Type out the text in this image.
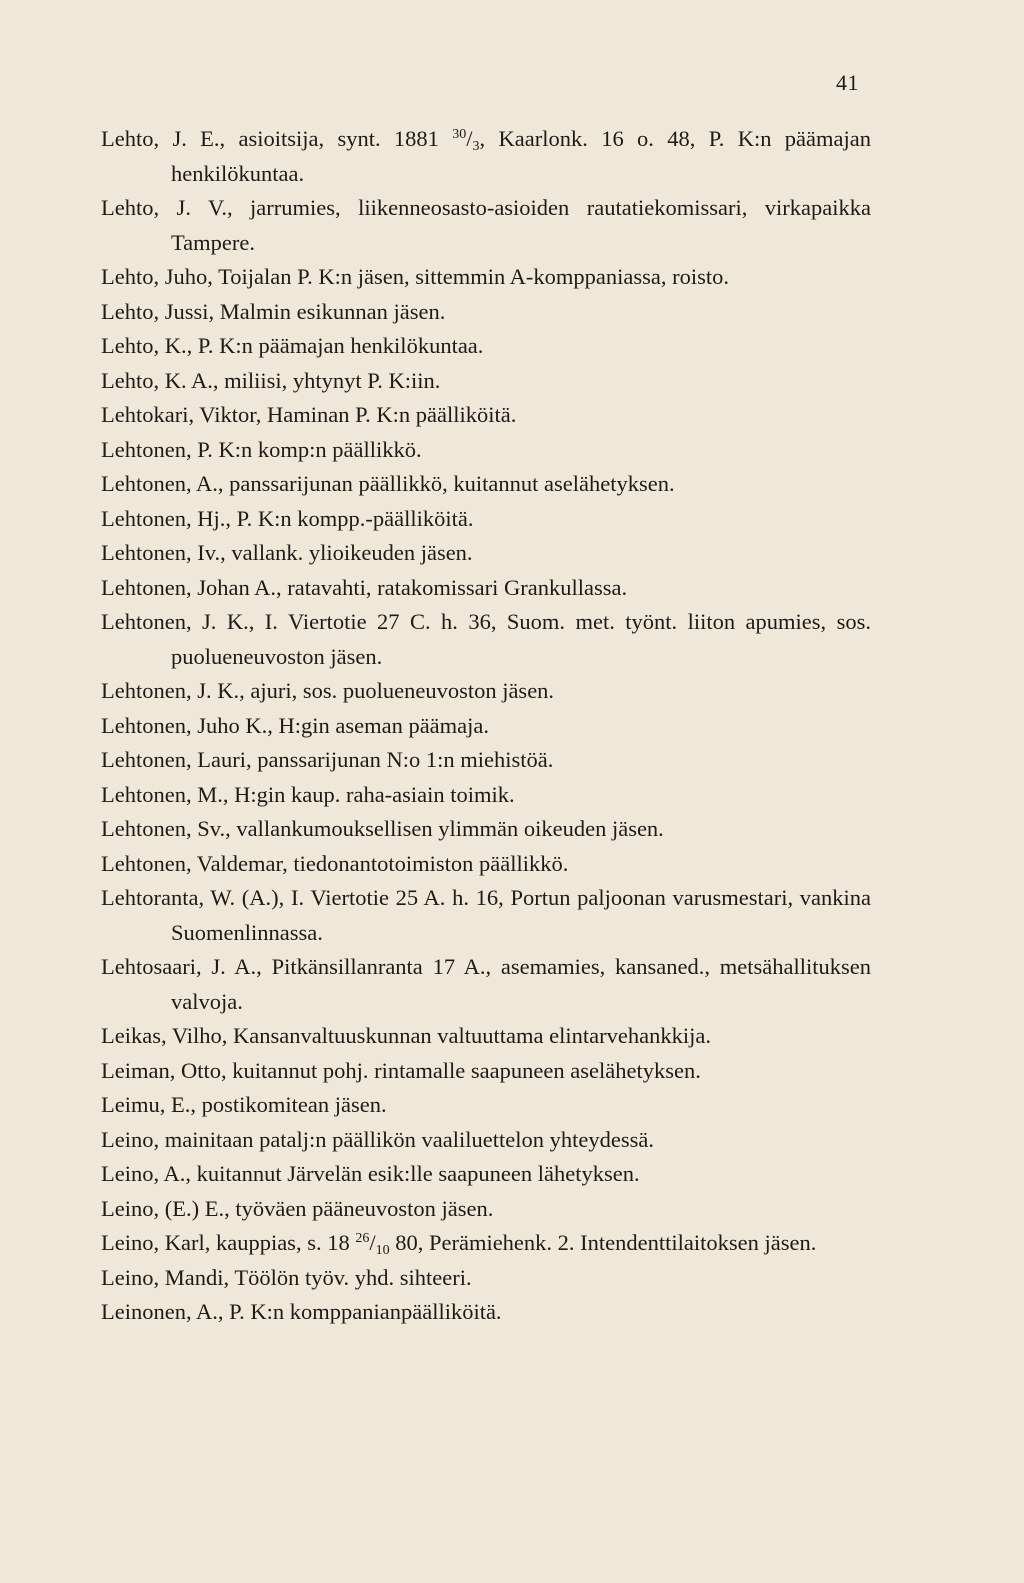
41
Lehto, J. E., asioitsija, synt. 1881 $^{30}/_3$, Kaarlonk. 16 o. 48, P. K:n päämajan henkilökuntaa.
Lehto, J. V., jarrumies, liikenneosasto-asioiden rautatiekomissari, virkapaikka Tampere.
Lehto, Juho, Toijalan P. K:n jäsen, sittemmin A-komppaniassa, roisto.
Lehto, Jussi, Malmin esikunnan jäsen.
Lehto, K., P. K:n päämajan henkilökuntaa.
Lehto, K. A., miliisi, yhtynyt P. K:iin.
Lehtokari, Viktor, Haminan P. K:n päälliköitä.
Lehtonen, P. K:n komp:n päällikkö.
Lehtonen, A., panssarijunan päällikkö, kuitannut aselähetyksen.
Lehtonen, Hj., P. K:n kompp.-päälliköitä.
Lehtonen, Iv., vallank. ylioikeuden jäsen.
Lehtonen, Johan A., ratavahti, ratakomissari Grankullassa.
Lehtonen, J. K., I. Viertotie 27 C. h. 36, Suom. met. työnt. liiton apumies, sos. puolueneuvoston jäsen.
Lehtonen, J. K., ajuri, sos. puolueneuvoston jäsen.
Lehtonen, Juho K., H:gin aseman päämaja.
Lehtonen, Lauri, panssarijunan N:o 1:n miehistöä.
Lehtonen, M., H:gin kaup. raha-asiain toimik.
Lehtonen, Sv., vallankumouksellisen ylimmän oikeuden jäsen.
Lehtonen, Valdemar, tiedonantotoimiston päällikkö.
Lehtoranta, W. (A.), I. Viertotie 25 A. h. 16, Portun paljoonan varusmestari, vankina Suomenlinnassa.
Lehtosaari, J. A., Pitkänsillanranta 17 A., asemamies, kansaned., metsähallituksen valvoja.
Leikas, Vilho, Kansanvaltuuskunnan valtuuttama elintarvehankkija.
Leiman, Otto, kuitannut pohj. rintamalle saapuneen aselähetyksen.
Leimu, E., postikomitean jäsen.
Leino, mainitaan patalj:n päällikön vaaliluettelon yhteydessä.
Leino, A., kuitannut Järvelän esik:lle saapuneen lähetyksen.
Leino, (E.) E., työväen pääneuvoston jäsen.
Leino, Karl, kauppias, s. 18 $^{26}/_{10}$ 80, Perämiehenk. 2. Intendenttilaitoksen jäsen.
Leino, Mandi, Töölön työv. yhd. sihteeri.
Leinonen, A., P. K:n komppanianpäälliköitä.
